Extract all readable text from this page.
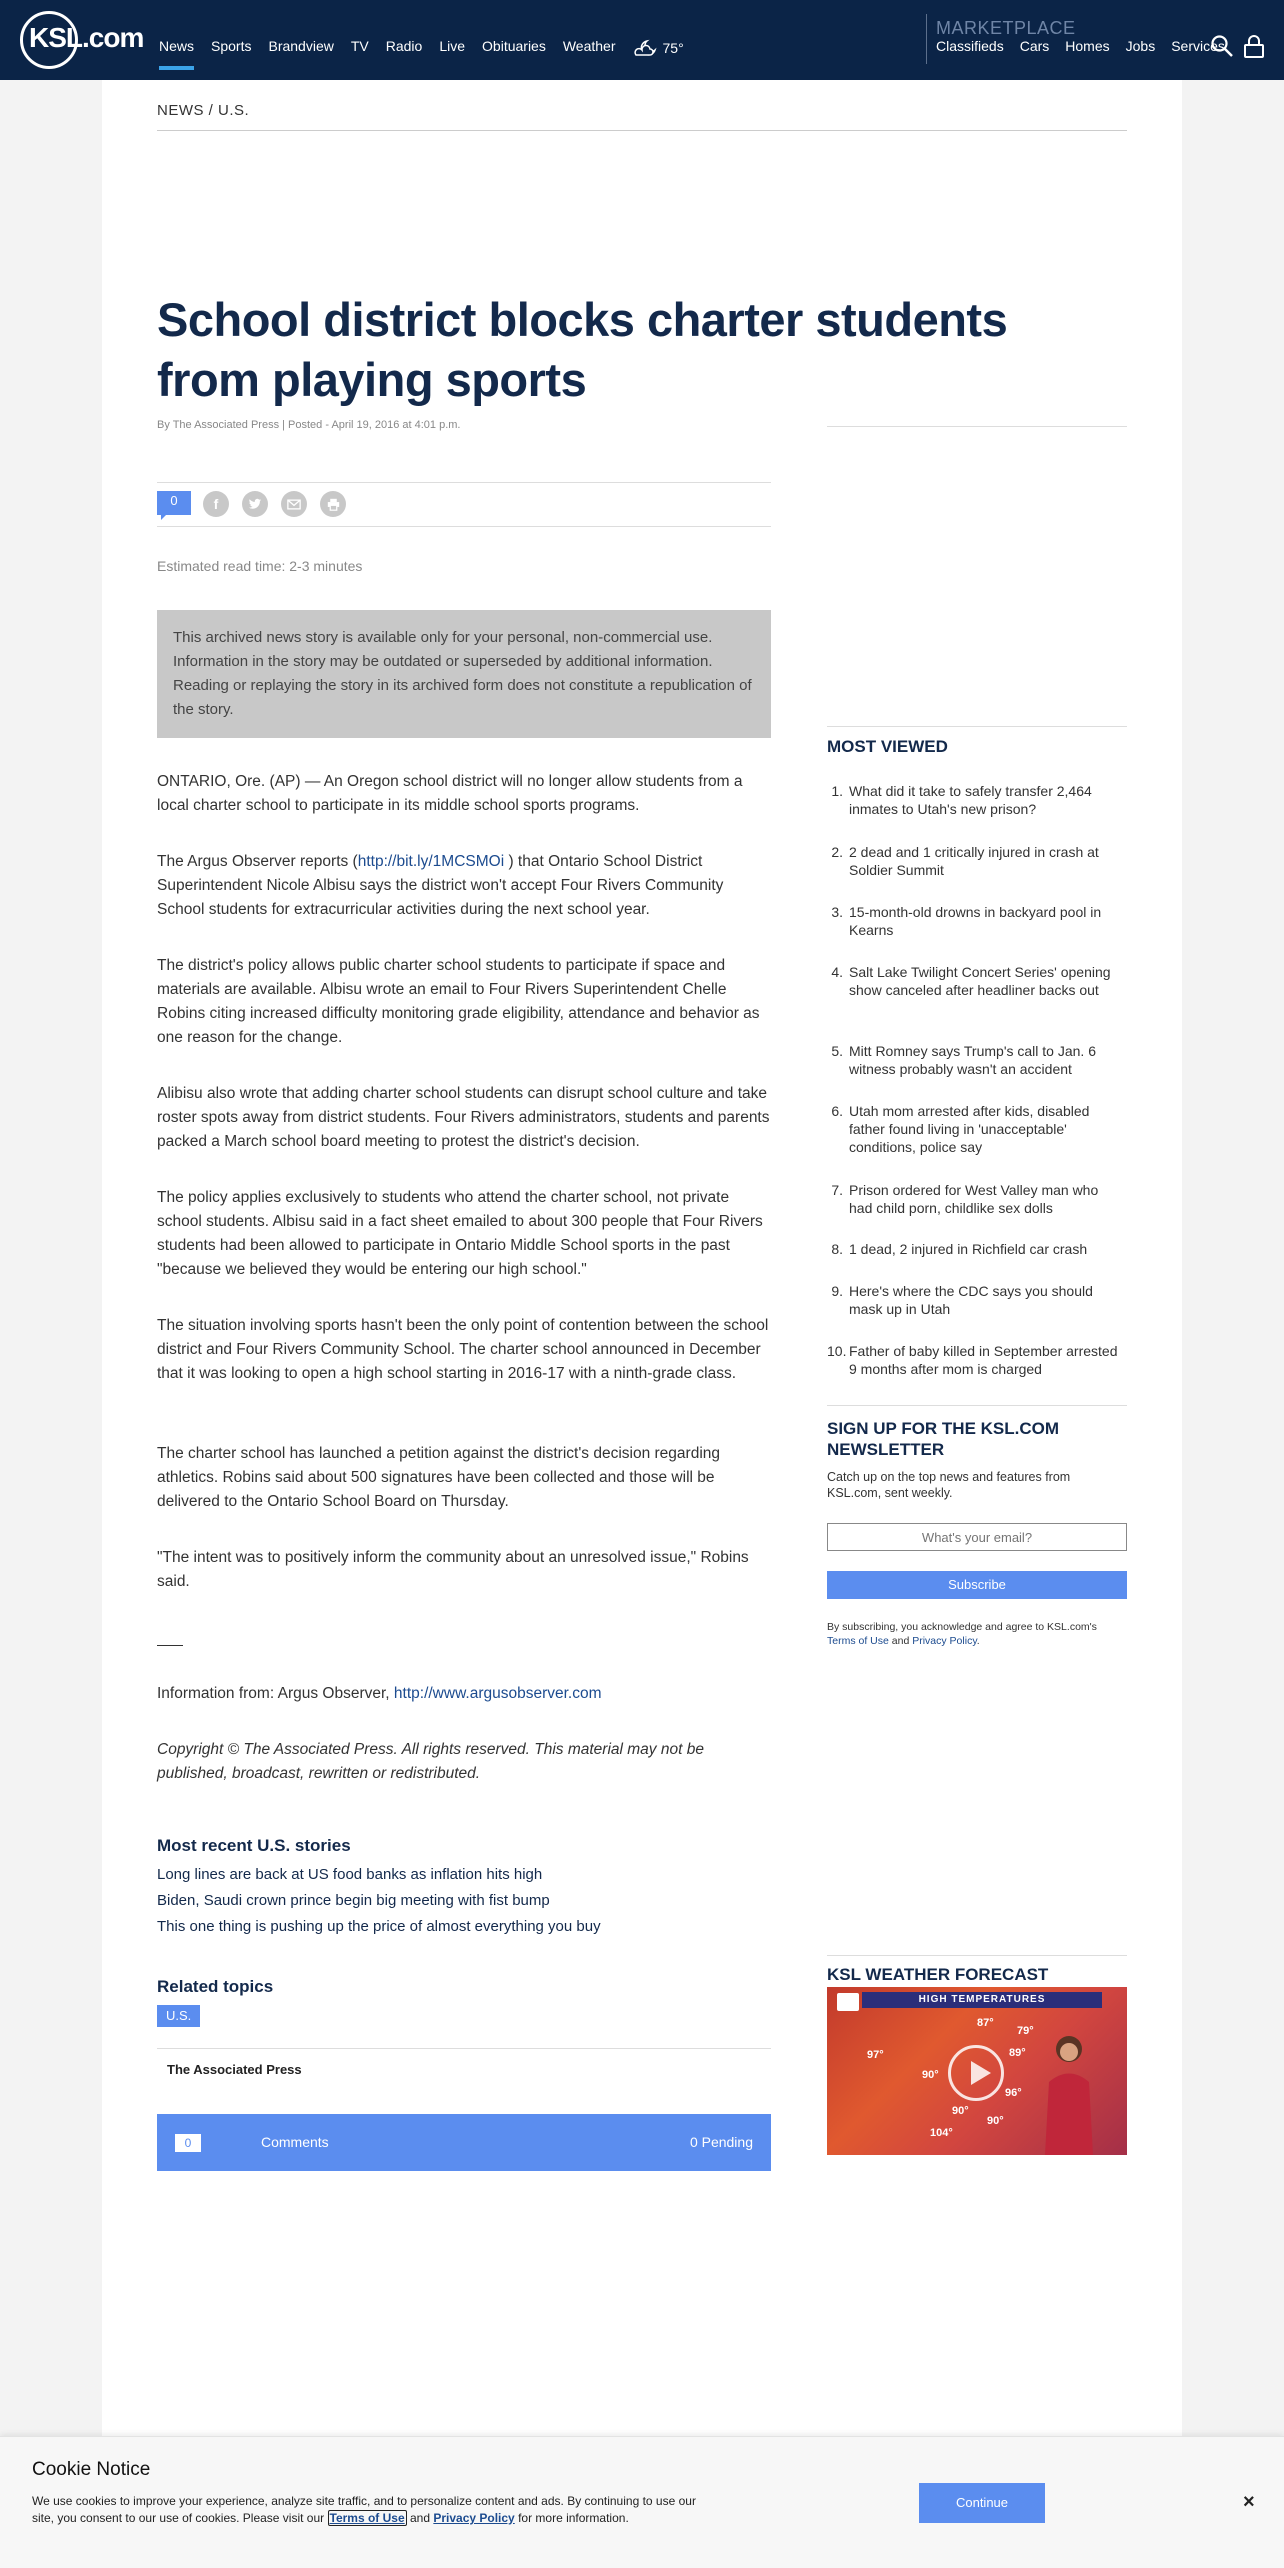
KSL.com News Sports Brandview TV Radio Live Obituaries Weather	75°
MARKETPLACE
Classifieds Cars Homes Jobs Services
NEWS / U.S.
School district blocks charter students from playing sports
By The Associated Press | Posted - April 19, 2016 at 4:01 p.m.
0	f
Estimated read time: 2-3 minutes
This archived news story is available only for your personal, non-commercial use. Information in the story may be outdated or superseded by additional information. Reading or replaying the story in its archived form does not constitute a republication of the story.

ONTARIO, Ore. (AP) — An Oregon school district will no longer allow students from a local charter school to participate in its middle school sports programs.

The Argus Observer reports (http://bit.ly/1MCSMOi ) that Ontario School District Superintendent Nicole Albisu says the district won't accept Four Rivers Community School students for extracurricular activities during the next school year.

The district's policy allows public charter school students to participate if space and materials are available. Albisu wrote an email to Four Rivers Superintendent Chelle Robins citing increased difficulty monitoring grade eligibility, attendance and behavior as one reason for the change.

Alibisu also wrote that adding charter school students can disrupt school culture and take roster spots away from district students. Four Rivers administrators, students and parents packed a March school board meeting to protest the district's decision.

The policy applies exclusively to students who attend the charter school, not private school students. Albisu said in a fact sheet emailed to about 300 people that Four Rivers students had been allowed to participate in Ontario Middle School sports in the past "because we believed they would be entering our high school."

The situation involving sports hasn't been the only point of contention between the school district and Four Rivers Community School. The charter school announced in December that it was looking to open a high school starting in 2016-17 with a ninth-grade class.

The charter school has launched a petition against the district's decision regarding athletics. Robins said about 500 signatures have been collected and those will be delivered to the Ontario School Board on Thursday.

"The intent was to positively inform the community about an unresolved issue," Robins said.

Information from: Argus Observer, http://www.argusobserver.com

Copyright © The Associated Press. All rights reserved. This material may not be published, broadcast, rewritten or redistributed.

Most recent U.S. stories
Long lines are back at US food banks as inflation hits high
Biden, Saudi crown prince begin big meeting with fist bump
This one thing is pushing up the price of almost everything you buy
Related topics
U.S.
The Associated Press
0	Comments	0 Pending
MOST VIEWED
1. What did it take to safely transfer 2,464 inmates to Utah's new prison?
2. 2 dead and 1 critically injured in crash at Soldier Summit
3. 15-month-old drowns in backyard pool in Kearns
4. Salt Lake Twilight Concert Series' opening show canceled after headliner backs out
5. Mitt Romney says Trump's call to Jan. 6 witness probably wasn't an accident
6. Utah mom arrested after kids, disabled father found living in 'unacceptable' conditions, police say
7. Prison ordered for West Valley man who had child porn, childlike sex dolls
8. 1 dead, 2 injured in Richfield car crash
9. Here's where the CDC says you should mask up in Utah
10. Father of baby killed in September arrested 9 months after mom is charged
SIGN UP FOR THE KSL.COM NEWSLETTER
Catch up on the top news and features from KSL.com, sent weekly.
What's your email?
Subscribe
By subscribing, you acknowledge and agree to KSL.com's Terms of Use and Privacy Policy.
KSL WEATHER FORECAST
HIGH TEMPERATURES
97°
87°
79°
89°
90°
96°
90°
104°
90°
Cookie Notice
We use cookies to improve your experience, analyze site traffic, and to personalize content and ads. By continuing to use our site, you consent to our use of cookies. Please visit our Terms of Use and Privacy Policy for more information.
Continue	×
